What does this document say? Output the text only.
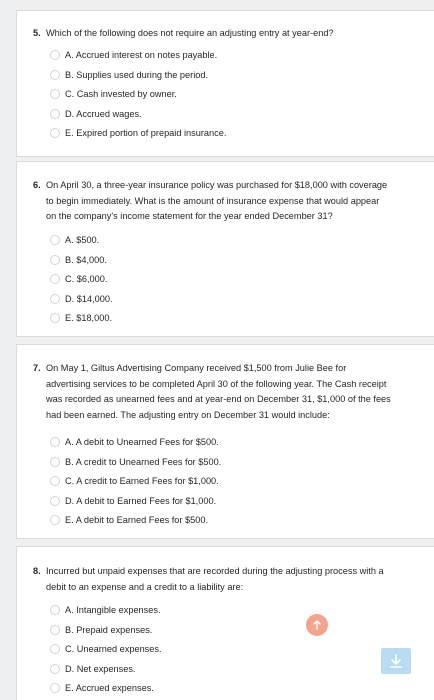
5. Which of the following does not require an adjusting entry at year-end?
A. Accrued interest on notes payable.
B. Supplies used during the period.
C. Cash invested by owner.
D. Accrued wages.
E. Expired portion of prepaid insurance.
6. On April 30, a three-year insurance policy was purchased for $18,000 with coverage
to begin immediately. What is the amount of insurance expense that would appear
on the company's income statement for the year ended December 31?
A. $500.
B. $4,000.
C. $6,000.
D. $14,000.
E. $18,000.
7. On May 1, Giltus Advertising Company received $1,500 from Julie Bee for
advertising services to be completed April 30 of the following year. The Cash receipt
was recorded as unearned fees and at year-end on December 31, $1,000 of the fees
had been earned. The adjusting entry on December 31 would include:
A. A debit to Unearned Fees for $500.
B. A credit to Unearned Fees for $500.
C. A credit to Earned Fees for $1,000.
D. A debit to Earned Fees for $1,000.
E. A debit to Earned Fees for $500.
8. Incurred but unpaid expenses that are recorded during the adjusting process with a
debit to an expense and a credit to a liability are:
A. Intangible expenses.
B. Prepaid expenses.
C. Unearned expenses.
D. Net expenses.
E. Accrued expenses.
